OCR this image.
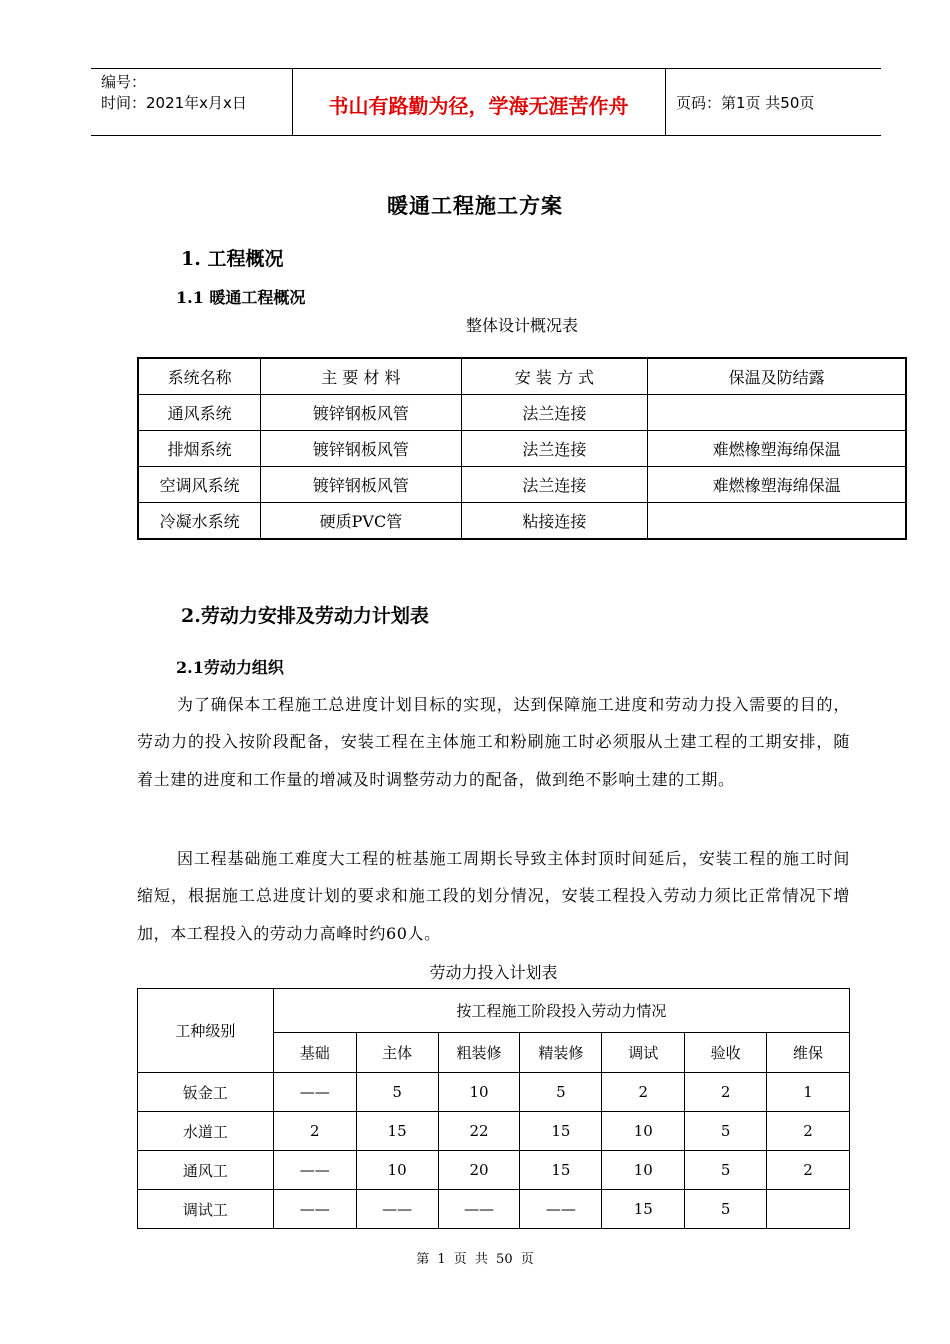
编号：
时间：2021年x月x日	书山有路勤为径，学海无涯苦作舟	页码：第1页 共50页
暖通工程施工方案
1. 工程概况
1.1 暖通工程概况
整体设计概况表
系统名称	主 要 材 料	安 装 方 式	保温及防结露
通风系统	镀锌钢板风管	法兰连接	
排烟系统	镀锌钢板风管	法兰连接	难燃橡塑海绵保温
空调风系统	镀锌钢板风管	法兰连接	难燃橡塑海绵保温
冷凝水系统	硬质PVC管	粘接连接	
2.劳动力安排及劳动力计划表
2.1劳动力组织
为了确保本工程施工总进度计划目标的实现，达到保障施工进度和劳动力投入需要的目的，劳动力的投入按阶段配备，安装工程在主体施工和粉刷施工时必须服从土建工程的工期安排，随着土建的进度和工作量的增减及时调整劳动力的配备，做到绝不影响土建的工期。
因工程基础施工难度大工程的桩基施工周期长导致主体封顶时间延后，安装工程的施工时间缩短，根据施工总进度计划的要求和施工段的划分情况，安装工程投入劳动力须比正常情况下增加，本工程投入的劳动力高峰时约60人。
劳动力投入计划表
工种级别	按工程施工阶段投入劳动力情况						
	基础	主体	粗装修	精装修	调试	验收	维保
钣金工	——	5	10	5	2	2	1
水道工	2	15	22	15	10	5	2
通风工	——	10	20	15	10	5	2
调试工	——	——	——	——	15	5	
第 1 页 共 50 页
